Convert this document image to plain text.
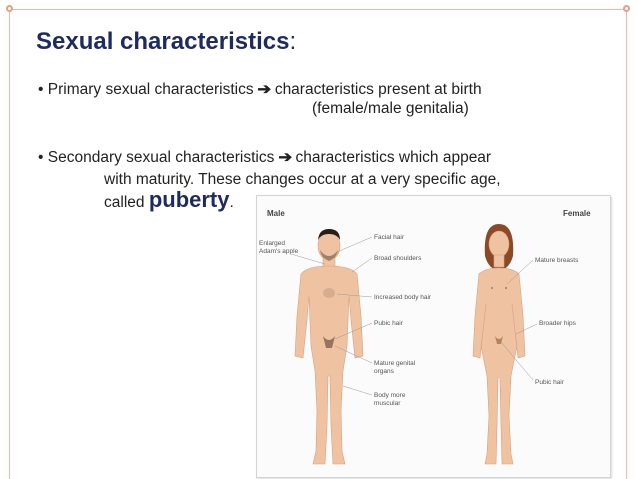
Sexual characteristics:
• Primary sexual characteristics ➔ characteristics present at birth
(female/male genitalia)
• Secondary sexual characteristics ➔ characteristics which appear
with maturity. These changes occur at a very specific age,
called puberty.
Male	Female
Enlarged
Adam's apple
Facial hair
Broad shoulders
Increased body hair
Pubic hair
Mature genital
organs
Body more
muscular
Mature breasts
Broader hips
Pubic hair
